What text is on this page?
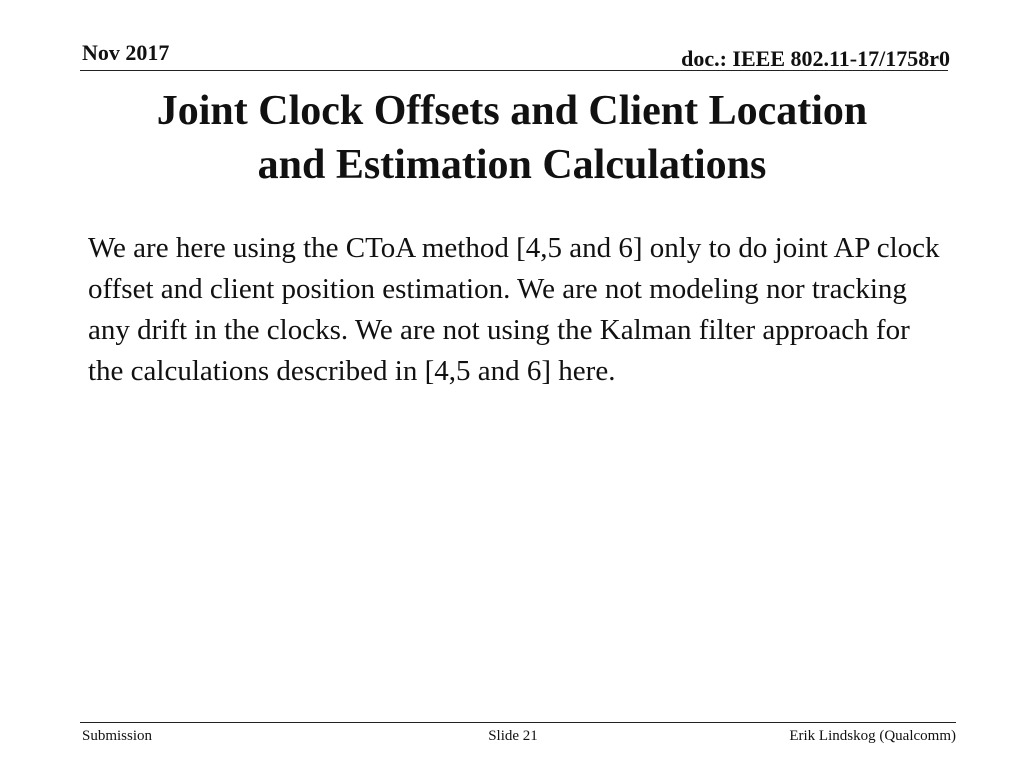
Nov 2017	doc.: IEEE 802.11-17/1758r0
Joint Clock Offsets and Client Location
and Estimation Calculations
We are here using the CToA method [4,5 and 6] only to do joint AP clock offset and client position estimation. We are not modeling nor tracking any drift in the clocks. We are not using the Kalman filter approach for the calculations described in [4,5 and 6] here.
Submission	Slide 21	Erik Lindskog (Qualcomm)
